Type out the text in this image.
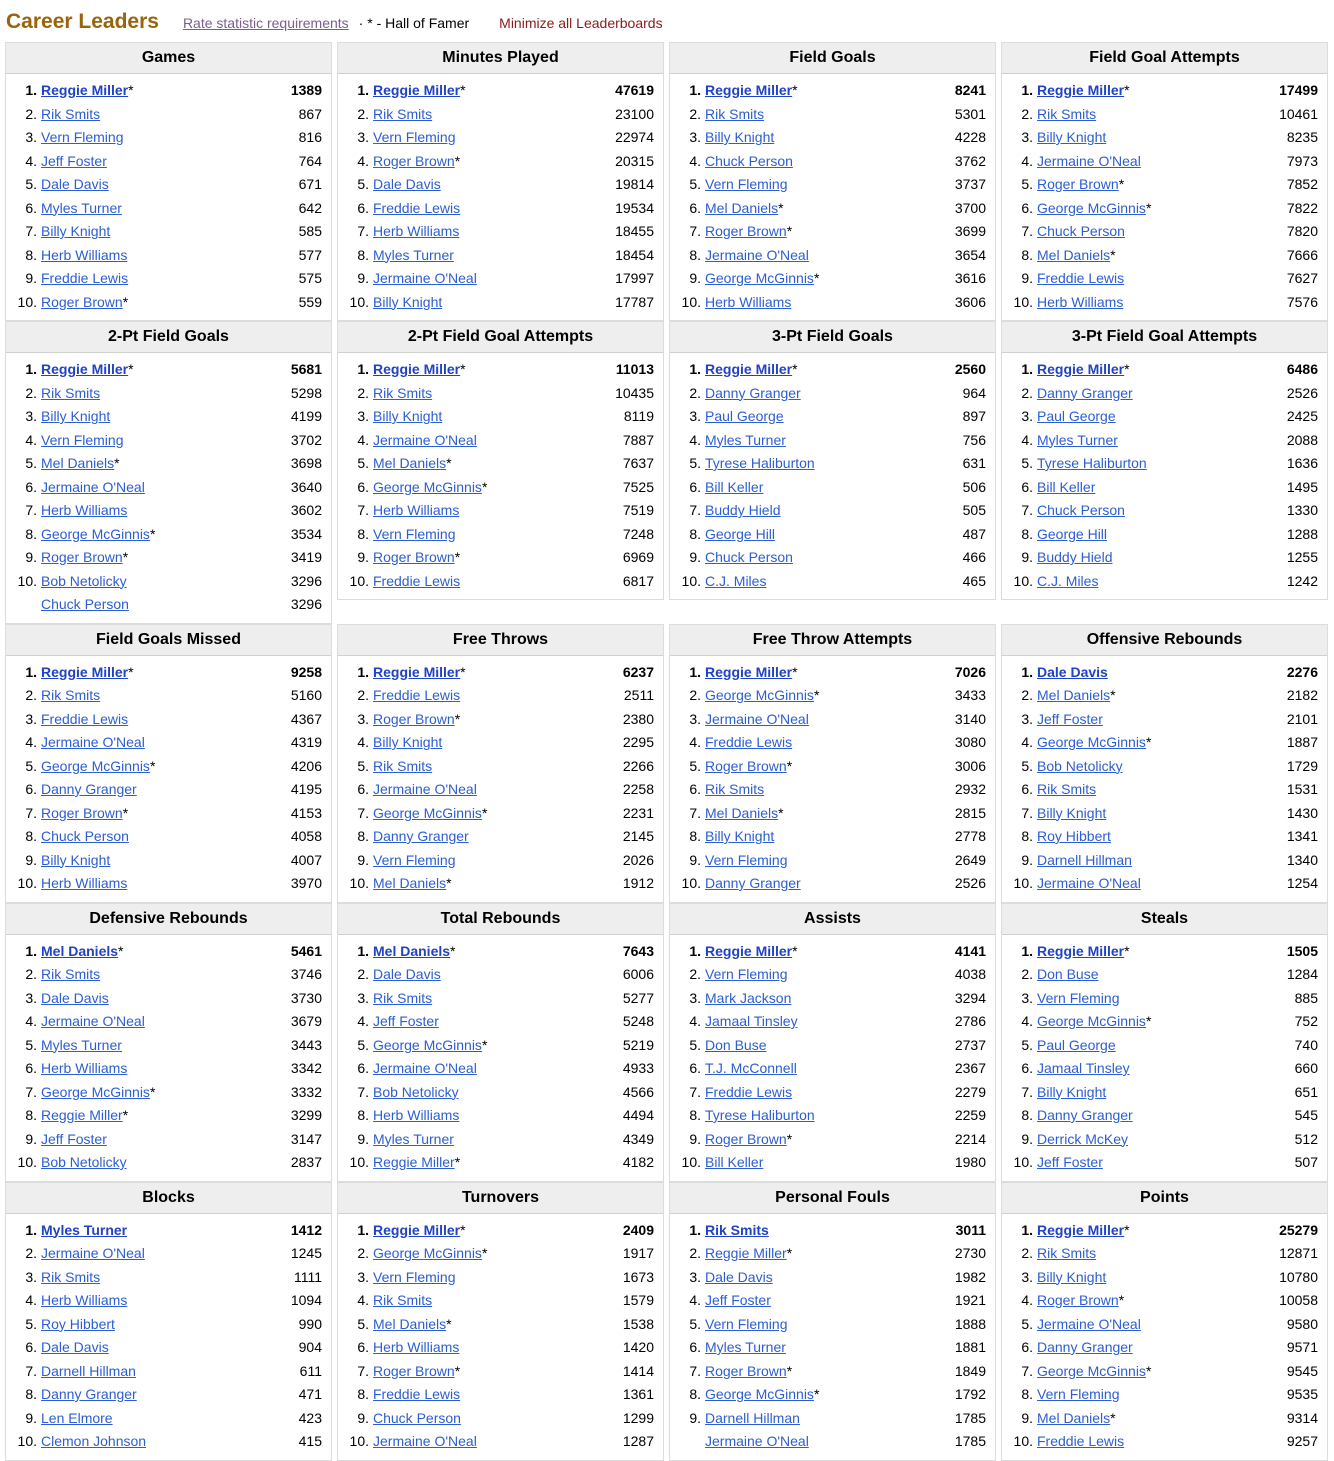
Career Leaders Rate statistic requirements · * - Hall of Famer Minimize all Leaderboards
Games
1. Reggie Miller*	1389
2. Rik Smits	867
3. Vern Fleming	816
4. Jeff Foster	764
5. Dale Davis	671
6. Myles Turner	642
7. Billy Knight	585
8. Herb Williams	577
9. Freddie Lewis	575
10. Roger Brown*	559
Minutes Played
1. Reggie Miller*	47619
2. Rik Smits	23100
3. Vern Fleming	22974
4. Roger Brown*	20315
5. Dale Davis	19814
6. Freddie Lewis	19534
7. Herb Williams	18455
8. Myles Turner	18454
9. Jermaine O'Neal	17997
10. Billy Knight	17787
Field Goals
1. Reggie Miller*	8241
2. Rik Smits	5301
3. Billy Knight	4228
4. Chuck Person	3762
5. Vern Fleming	3737
6. Mel Daniels*	3700
7. Roger Brown*	3699
8. Jermaine O'Neal	3654
9. George McGinnis*	3616
10. Herb Williams	3606
Field Goal Attempts
1. Reggie Miller*	17499
2. Rik Smits	10461
3. Billy Knight	8235
4. Jermaine O'Neal	7973
5. Roger Brown*	7852
6. George McGinnis*	7822
7. Chuck Person	7820
8. Mel Daniels*	7666
9. Freddie Lewis	7627
10. Herb Williams	7576
2-Pt Field Goals
1. Reggie Miller*	5681
2. Rik Smits	5298
3. Billy Knight	4199
4. Vern Fleming	3702
5. Mel Daniels*	3698
6. Jermaine O'Neal	3640
7. Herb Williams	3602
8. George McGinnis*	3534
9. Roger Brown*	3419
10. Bob Netolicky	3296
Chuck Person	3296
2-Pt Field Goal Attempts
1. Reggie Miller*	11013
2. Rik Smits	10435
3. Billy Knight	8119
4. Jermaine O'Neal	7887
5. Mel Daniels*	7637
6. George McGinnis*	7525
7. Herb Williams	7519
8. Vern Fleming	7248
9. Roger Brown*	6969
10. Freddie Lewis	6817
3-Pt Field Goals
1. Reggie Miller*	2560
2. Danny Granger	964
3. Paul George	897
4. Myles Turner	756
5. Tyrese Haliburton	631
6. Bill Keller	506
7. Buddy Hield	505
8. George Hill	487
9. Chuck Person	466
10. C.J. Miles	465
3-Pt Field Goal Attempts
1. Reggie Miller*	6486
2. Danny Granger	2526
3. Paul George	2425
4. Myles Turner	2088
5. Tyrese Haliburton	1636
6. Bill Keller	1495
7. Chuck Person	1330
8. George Hill	1288
9. Buddy Hield	1255
10. C.J. Miles	1242
Field Goals Missed
1. Reggie Miller*	9258
2. Rik Smits	5160
3. Freddie Lewis	4367
4. Jermaine O'Neal	4319
5. George McGinnis*	4206
6. Danny Granger	4195
7. Roger Brown*	4153
8. Chuck Person	4058
9. Billy Knight	4007
10. Herb Williams	3970
Free Throws
1. Reggie Miller*	6237
2. Freddie Lewis	2511
3. Roger Brown*	2380
4. Billy Knight	2295
5. Rik Smits	2266
6. Jermaine O'Neal	2258
7. George McGinnis*	2231
8. Danny Granger	2145
9. Vern Fleming	2026
10. Mel Daniels*	1912
Free Throw Attempts
1. Reggie Miller*	7026
2. George McGinnis*	3433
3. Jermaine O'Neal	3140
4. Freddie Lewis	3080
5. Roger Brown*	3006
6. Rik Smits	2932
7. Mel Daniels*	2815
8. Billy Knight	2778
9. Vern Fleming	2649
10. Danny Granger	2526
Offensive Rebounds
1. Dale Davis	2276
2. Mel Daniels*	2182
3. Jeff Foster	2101
4. George McGinnis*	1887
5. Bob Netolicky	1729
6. Rik Smits	1531
7. Billy Knight	1430
8. Roy Hibbert	1341
9. Darnell Hillman	1340
10. Jermaine O'Neal	1254
Defensive Rebounds
1. Mel Daniels*	5461
2. Rik Smits	3746
3. Dale Davis	3730
4. Jermaine O'Neal	3679
5. Myles Turner	3443
6. Herb Williams	3342
7. George McGinnis*	3332
8. Reggie Miller*	3299
9. Jeff Foster	3147
10. Bob Netolicky	2837
Total Rebounds
1. Mel Daniels*	7643
2. Dale Davis	6006
3. Rik Smits	5277
4. Jeff Foster	5248
5. George McGinnis*	5219
6. Jermaine O'Neal	4933
7. Bob Netolicky	4566
8. Herb Williams	4494
9. Myles Turner	4349
10. Reggie Miller*	4182
Assists
1. Reggie Miller*	4141
2. Vern Fleming	4038
3. Mark Jackson	3294
4. Jamaal Tinsley	2786
5. Don Buse	2737
6. T.J. McConnell	2367
7. Freddie Lewis	2279
8. Tyrese Haliburton	2259
9. Roger Brown*	2214
10. Bill Keller	1980
Steals
1. Reggie Miller*	1505
2. Don Buse	1284
3. Vern Fleming	885
4. George McGinnis*	752
5. Paul George	740
6. Jamaal Tinsley	660
7. Billy Knight	651
8. Danny Granger	545
9. Derrick McKey	512
10. Jeff Foster	507
Blocks
1. Myles Turner	1412
2. Jermaine O'Neal	1245
3. Rik Smits	1111
4. Herb Williams	1094
5. Roy Hibbert	990
6. Dale Davis	904
7. Darnell Hillman	611
8. Danny Granger	471
9. Len Elmore	423
10. Clemon Johnson	415
Turnovers
1. Reggie Miller*	2409
2. George McGinnis*	1917
3. Vern Fleming	1673
4. Rik Smits	1579
5. Mel Daniels*	1538
6. Herb Williams	1420
7. Roger Brown*	1414
8. Freddie Lewis	1361
9. Chuck Person	1299
10. Jermaine O'Neal	1287
Personal Fouls
1. Rik Smits	3011
2. Reggie Miller*	2730
3. Dale Davis	1982
4. Jeff Foster	1921
5. Vern Fleming	1888
6. Myles Turner	1881
7. Roger Brown*	1849
8. George McGinnis*	1792
9. Darnell Hillman	1785
Jermaine O'Neal	1785
Points
1. Reggie Miller*	25279
2. Rik Smits	12871
3. Billy Knight	10780
4. Roger Brown*	10058
5. Jermaine O'Neal	9580
6. Danny Granger	9571
7. George McGinnis*	9545
8. Vern Fleming	9535
9. Mel Daniels*	9314
10. Freddie Lewis	9257
